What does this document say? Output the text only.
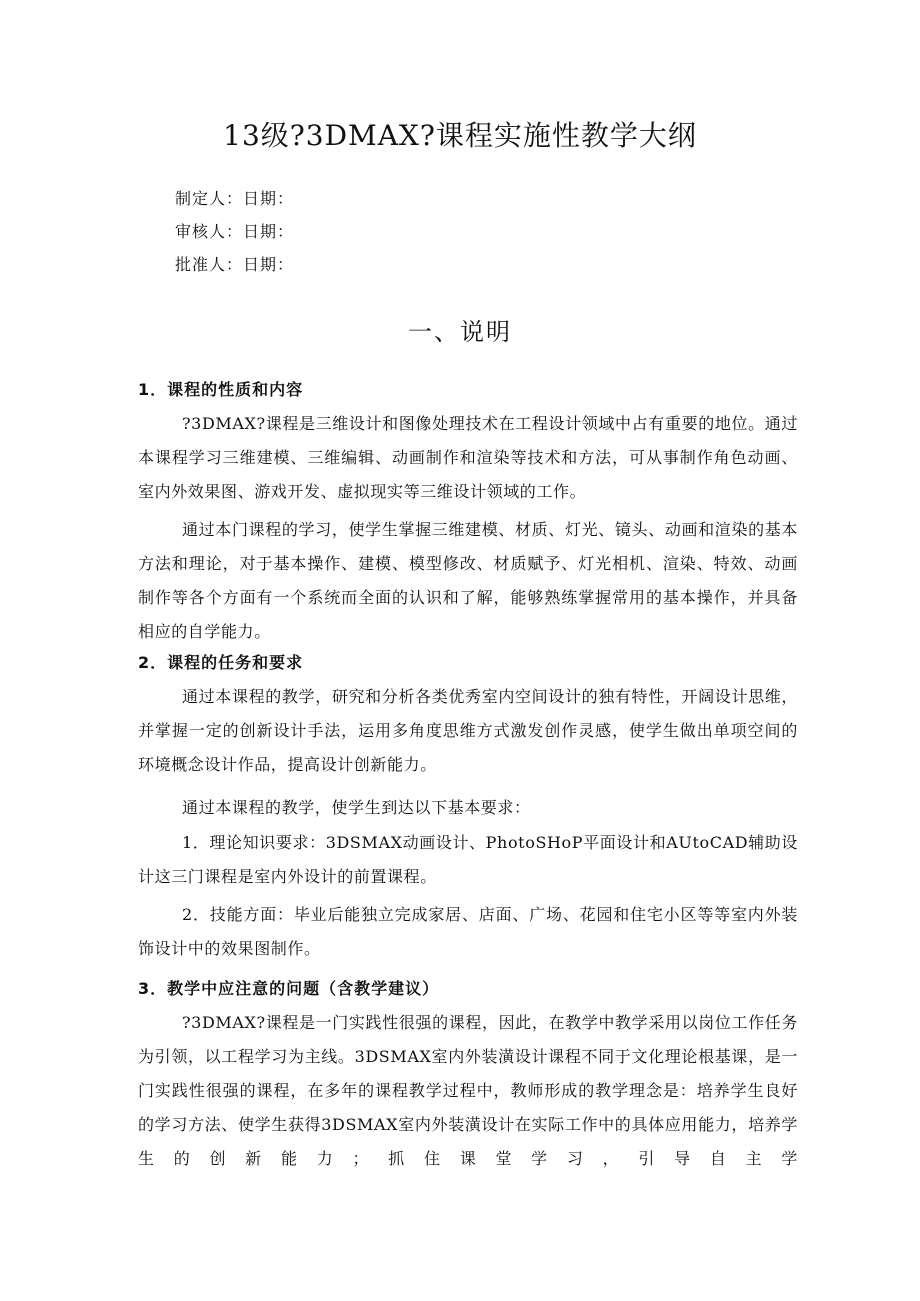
13级?3DMAX?课程实施性教学大纲
制定人：日期：
审核人：日期：
批准人：日期：
一、说明
1．课程的性质和内容
?3DMAX?课程是三维设计和图像处理技术在工程设计领域中占有重要的地位。通过本课程学习三维建模、三维编辑、动画制作和渲染等技术和方法，可从事制作角色动画、室内外效果图、游戏开发、虚拟现实等三维设计领域的工作。
通过本门课程的学习，使学生掌握三维建模、材质、灯光、镜头、动画和渲染的基本方法和理论，对于基本操作、建模、模型修改、材质赋予、灯光相机、渲染、特效、动画制作等各个方面有一个系统而全面的认识和了解，能够熟练掌握常用的基本操作，并具备相应的自学能力。
2．课程的任务和要求
通过本课程的教学，研究和分析各类优秀室内空间设计的独有特性，开阔设计思维，并掌握一定的创新设计手法，运用多角度思维方式激发创作灵感，使学生做出单项空间的环境概念设计作品，提高设计创新能力。
通过本课程的教学，使学生到达以下基本要求：
1．理论知识要求：3DSMAX动画设计、PhotoSHoP平面设计和AUtoCAD辅助设计这三门课程是室内外设计的前置课程。
2．技能方面：毕业后能独立完成家居、店面、广场、花园和住宅小区等等室内外装饰设计中的效果图制作。
3．教学中应注意的问题（含教学建议）
?3DMAX?课程是一门实践性很强的课程，因此，在教学中教学采用以岗位工作任务为引领，以工程学习为主线。3DSMAX室内外装潢设计课程不同于文化理论根基课，是一门实践性很强的课程，在多年的课程教学过程中，教师形成的教学理念是：培养学生良好的学习方法、使学生获得3DSMAX室内外装潢设计在实际工作中的具体应用能力，培养学生的创新能力；抓住课堂学习，引导自主学
